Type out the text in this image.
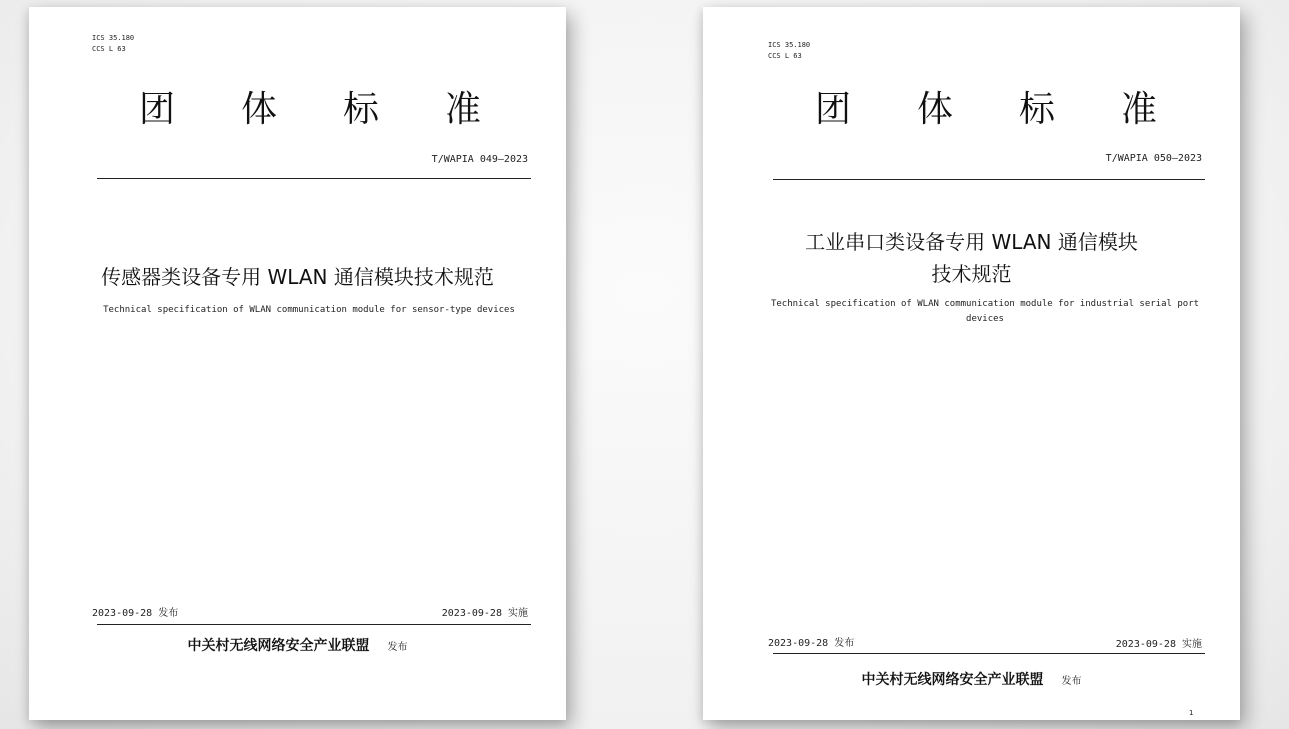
ICS 35.180
CCS L 63
团 体 标 准
T/WAPIA 049—2023
传感器类设备专用 WLAN 通信模块技术规范
Technical specification of WLAN communication module for sensor-type devices
2023-09-28 发布	2023-09-28 实施
中关村无线网络安全产业联盟 发布
ICS 35.180
CCS L 63
团 体 标 准
T/WAPIA 050—2023
工业串口类设备专用 WLAN 通信模块
技术规范
Technical specification of WLAN communication module for industrial serial port devices
2023-09-28 发布	2023-09-28 实施
中关村无线网络安全产业联盟 发布
1
